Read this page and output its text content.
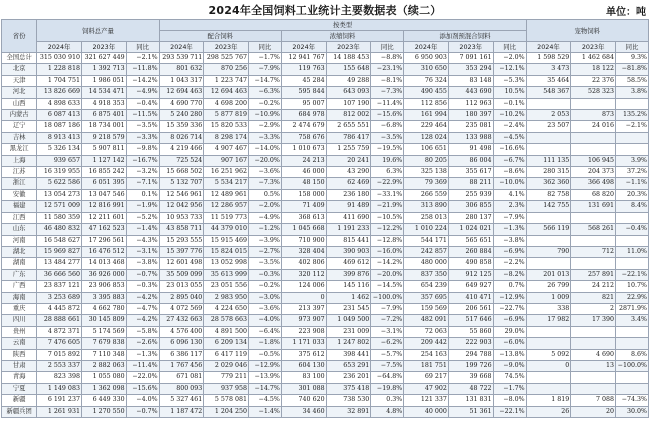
2024年全国饲料工业统计主要数据表（续二）	单位：吨
省份	饲料总产量			按类型									宠物饲料		
				配合饲料			浓缩饲料			添加剂预混合饲料					
	2024年	2023年	同比	2024年	2023年	同比	2024年	2023年	同比	2024年	2023年	同比	2024年	2023年	同比
全国总计	315 030 910	321 627 449	−2.1%	293 539 711	298 525 767	−1.7%	12 941 767	14 188 453	−8.8%	6 950 903	7 091 161	−2.0%	1 598 529	1 462 684	9.3%
北京	1 228 818	1 392 713	−11.8%	801 632	870 256	−7.9%	119 763	155 648	−23.1%	310 650	353 294	−12.1%	3 473	18 122	−81.8%
天津	1 704 751	1 986 051	−14.2%	1 043 317	1 223 747	−14.7%	45 284	49 288	−8.1%	76 324	83 148	−5.3%	35 464	22 376	58.5%
河北	13 826 669	14 534 471	−4.9%	12 694 463	12 694 463	−6.3%	595 844	643 093	−7.3%	490 455	443 690	10.5%	548 367	528 323	3.8%
山西	4 898 633	4 918 353	−0.4%	4 690 770	4 698 200	−0.2%	95 007	107 190	−11.4%	112 856	112 963	−0.1%			
内蒙古	6 087 413	6 875 401	−11.5%	5 240 280	5 877 819	−10.9%	684 978	812 002	−15.6%	161 994	180 397	−10.2%	2 053	873	135.2%
辽宁	18 087 186	18 734 001	−3.5%	15 359 336	15 820 533	−2.9%	2 474 679	2 655 551	−6.8%	229 464	235 081	−2.4%	23 507	24 016	−2.1%
吉林	8 913 413	9 218 579	−3.3%	8 026 714	8 298 174	−3.3%	758 676	786 417	−3.5%	128 024	133 988	−4.5%			
黑龙江	5 326 134	5 907 811	−9.8%	4 219 466	4 907 467	−14.0%	1 010 673	1 255 759	−19.5%	106 651	91 498	−16.6%			
上海	939 657	1 127 142	−16.7%	725 524	907 167	−20.0%	24 213	20 241	19.6%	80 205	86 004	−6.7%	111 135	106 945	3.9%
江苏	16 319 955	16 855 242	−3.2%	15 668 502	16 251 962	−3.6%	46 000	43 290	6.3%	325 138	355 617	−8.6%	280 315	204 373	37.2%
浙江	5 622 586	6 051 395	−7.1%	5 132 707	5 534 217	−7.3%	48 150	62 469	−22.9%	79 369	88 211	−10.0%	362 360	366 498	−1.1%
安徽	13 054 273	13 047 546	0.1%	12 546 961	12 489 961	0.5%	158 000	236 180	−33.1%	266 559	255 939	4.1%	82 758	68 820	20.3%
福建	12 571 009	12 816 991	−1.9%	12 042 956	12 286 957	−2.0%	71 409	91 489	−21.9%	313 890	306 855	2.3%	142 755	131 691	8.4%
江西	11 580 359	12 211 601	−5.2%	10 953 733	11 519 773	−4.9%	368 613	411 690	−10.5%	258 013	280 137	−7.9%			
山东	46 480 832	47 162 523	−1.4%	43 858 711	44 379 010	−1.2%	1 045 668	1 191 233	−12.2%	1 010 224	1 024 021	−1.3%	566 119	568 261	−0.4%
河南	16 548 627	17 296 561	−4.3%	15 293 555	15 915 469	−3.9%	710 900	815 441	−12.8%	544 171	565 651	−3.8%			
湖北	15 969 827	16 476 512	−3.1%	15 397 776	15 824 015	−2.7%	328 404	390 903	−16.0%	242 857	260 884	−6.9%	790	712	11.0%
湖南	13 484 277	14 013 468	−3.8%	12 601 498	13 052 998	−3.5%	402 806	469 612	−14.2%	480 000	490 858	−2.2%			
广东	36 666 560	36 926 000	−0.7%	35 509 099	35 613 999	−0.3%	320 112	399 876	−20.0%	837 350	912 125	−8.2%	201 013	257 891	−22.1%
广西	23 837 121	23 906 853	−0.3%	23 013 055	23 051 556	−0.2%	124 006	145 116	−14.5%	654 239	649 927	0.7%	26 799	24 212	10.7%
海南	3 253 689	3 395 883	−4.2%	2 895 040	2 983 950	−3.0%	0	1 462	−100.0%	357 695	410 471	−12.9%	1 009	821	22.9%
重庆	4 445 872	4 662 780	−4.7%	4 072 569	4 224 650	−3.6%	213 397	231 545	−7.9%	159 569	206 561	−22.7%	338	2	2871.9%
四川	28 888 661	30 145 809	−4.2%	27 432 663	28 578 663	−4.0%	973 907	1 049 500	−7.2%	482 091	517 646	−6.9%	17 982	17 390	3.4%
贵州	4 872 371	5 174 569	−5.8%	4 576 400	4 891 500	−6.4%	223 908	231 009	−3.1%	72 063	55 860	29.0%			
云南	7 476 605	7 679 838	−2.6%	6 096 130	6 209 134	−1.8%	1 171 033	1 247 802	−6.2%	209 442	222 903	−6.0%			
陕西	7 015 892	7 110 348	−1.3%	6 386 117	6 417 119	−0.5%	375 612	398 441	−5.7%	254 163	294 788	−13.8%	5 092	4 690	8.6%
甘肃	2 553 337	2 882 063	−11.4%	1 767 456	2 029 046	−12.9%	604 130	653 291	−7.5%	181 751	199 726	−9.0%	0	13	−100.0%
青海	823 398	1 055 080	−22.0%	671 081	779 211	−13.9%	83 100	236 201	−64.8%	69 217	39 668	74.5%			
宁夏	1 149 083	1 362 098	−15.6%	800 093	937 958	−14.7%	301 088	375 418	−19.8%	47 902	48 722	−1.7%			
新疆	6 191 237	6 449 330	−4.0%	5 327 461	5 578 081	−4.5%	740 620	738 530	0.3%	121 337	131 831	−8.0%	1 819	7 088	−74.3%
新疆兵团	1 261 931	1 270 550	−0.7%	1 187 472	1 204 250	−1.4%	34 460	32 891	4.8%	40 000	51 361	−22.1%	26	20	30.0%
